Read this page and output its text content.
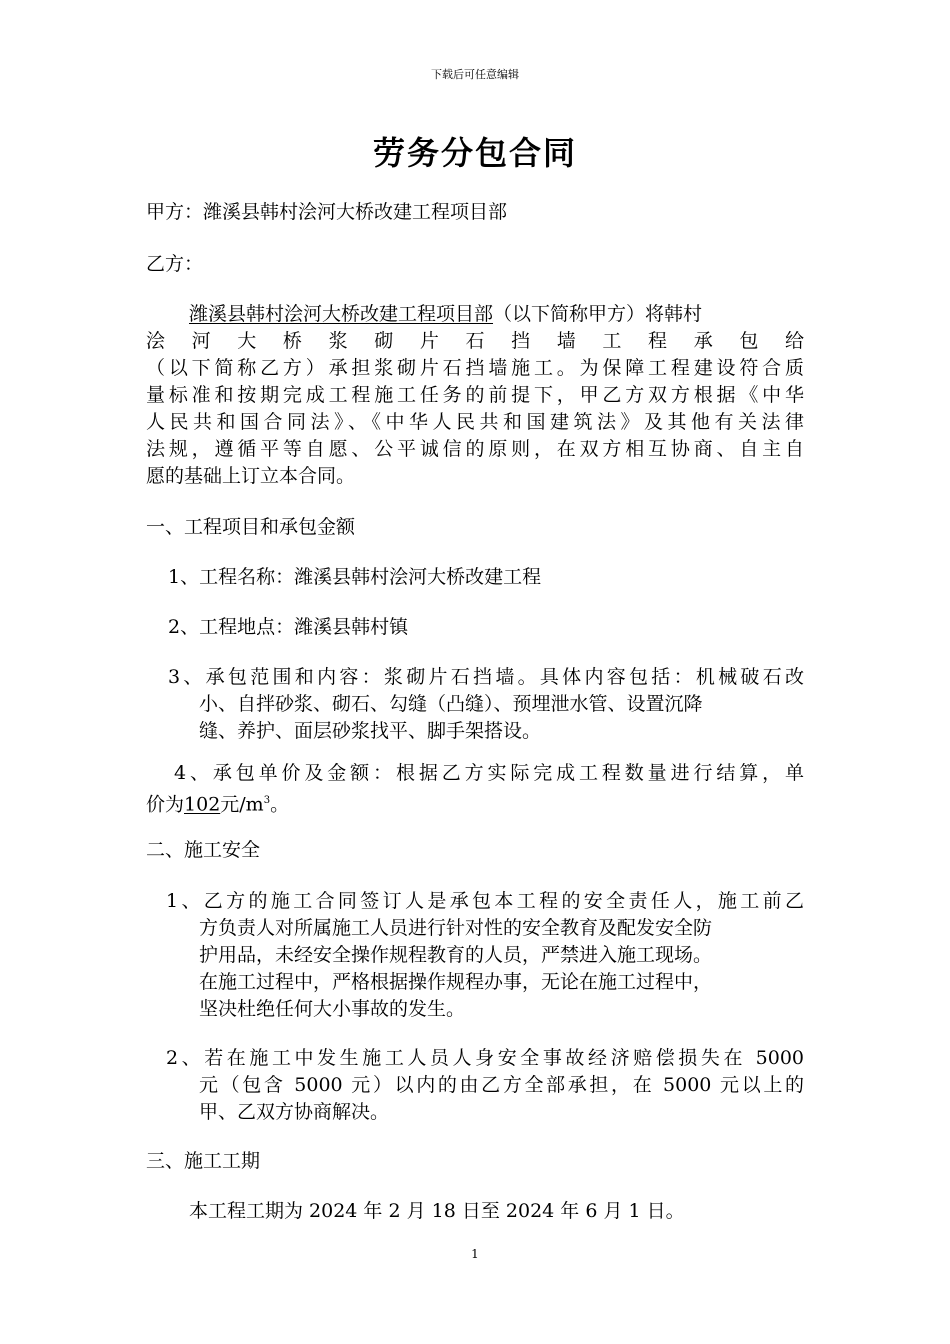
下载后可任意编辑
劳务分包合同
甲方：潍溪县韩村浍河大桥改建工程项目部
乙方：
潍溪县韩村浍河大桥改建工程项目部（以下简称甲方）将韩村
浍河大桥浆砌片石挡墙工程承包给
（以下简称乙方）承担浆砌片石挡墙施工。为保障工程建设符合质
量标准和按期完成工程施工任务的前提下，甲乙方双方根据《中华
人民共和国合同法》、《中华人民共和国建筑法》及其他有关法律
法规，遵循平等自愿、公平诚信的原则，在双方相互协商、自主自
愿的基础上订立本合同。
一、工程项目和承包金额
1、工程名称：潍溪县韩村浍河大桥改建工程
2、工程地点：潍溪县韩村镇
3、承包范围和内容：浆砌片石挡墙。具体内容包括：机械破石改
小、自拌砂浆、砌石、勾缝（凸缝）、预埋泄水管、设置沉降
缝、养护、面层砂浆找平、脚手架搭设。
4、承包单价及金额：根据乙方实际完成工程数量进行结算，单
价为102元$/m^3$。
二、施工安全
1、乙方的施工合同签订人是承包本工程的安全责任人，施工前乙
方负责人对所属施工人员进行针对性的安全教育及配发安全防
护用品，未经安全操作规程教育的人员，严禁进入施工现场。
在施工过程中，严格根据操作规程办事，无论在施工过程中，
坚决杜绝任何大小事故的发生。
2、若在施工中发生施工人员人身安全事故经济赔偿损失在 5000
元（包含 5000 元）以内的由乙方全部承担，在 5000 元以上的
甲、乙双方协商解决。
三、施工工期
本工程工期为 2024 年 2 月 18 日至 2024 年 6 月 1 日。
1
